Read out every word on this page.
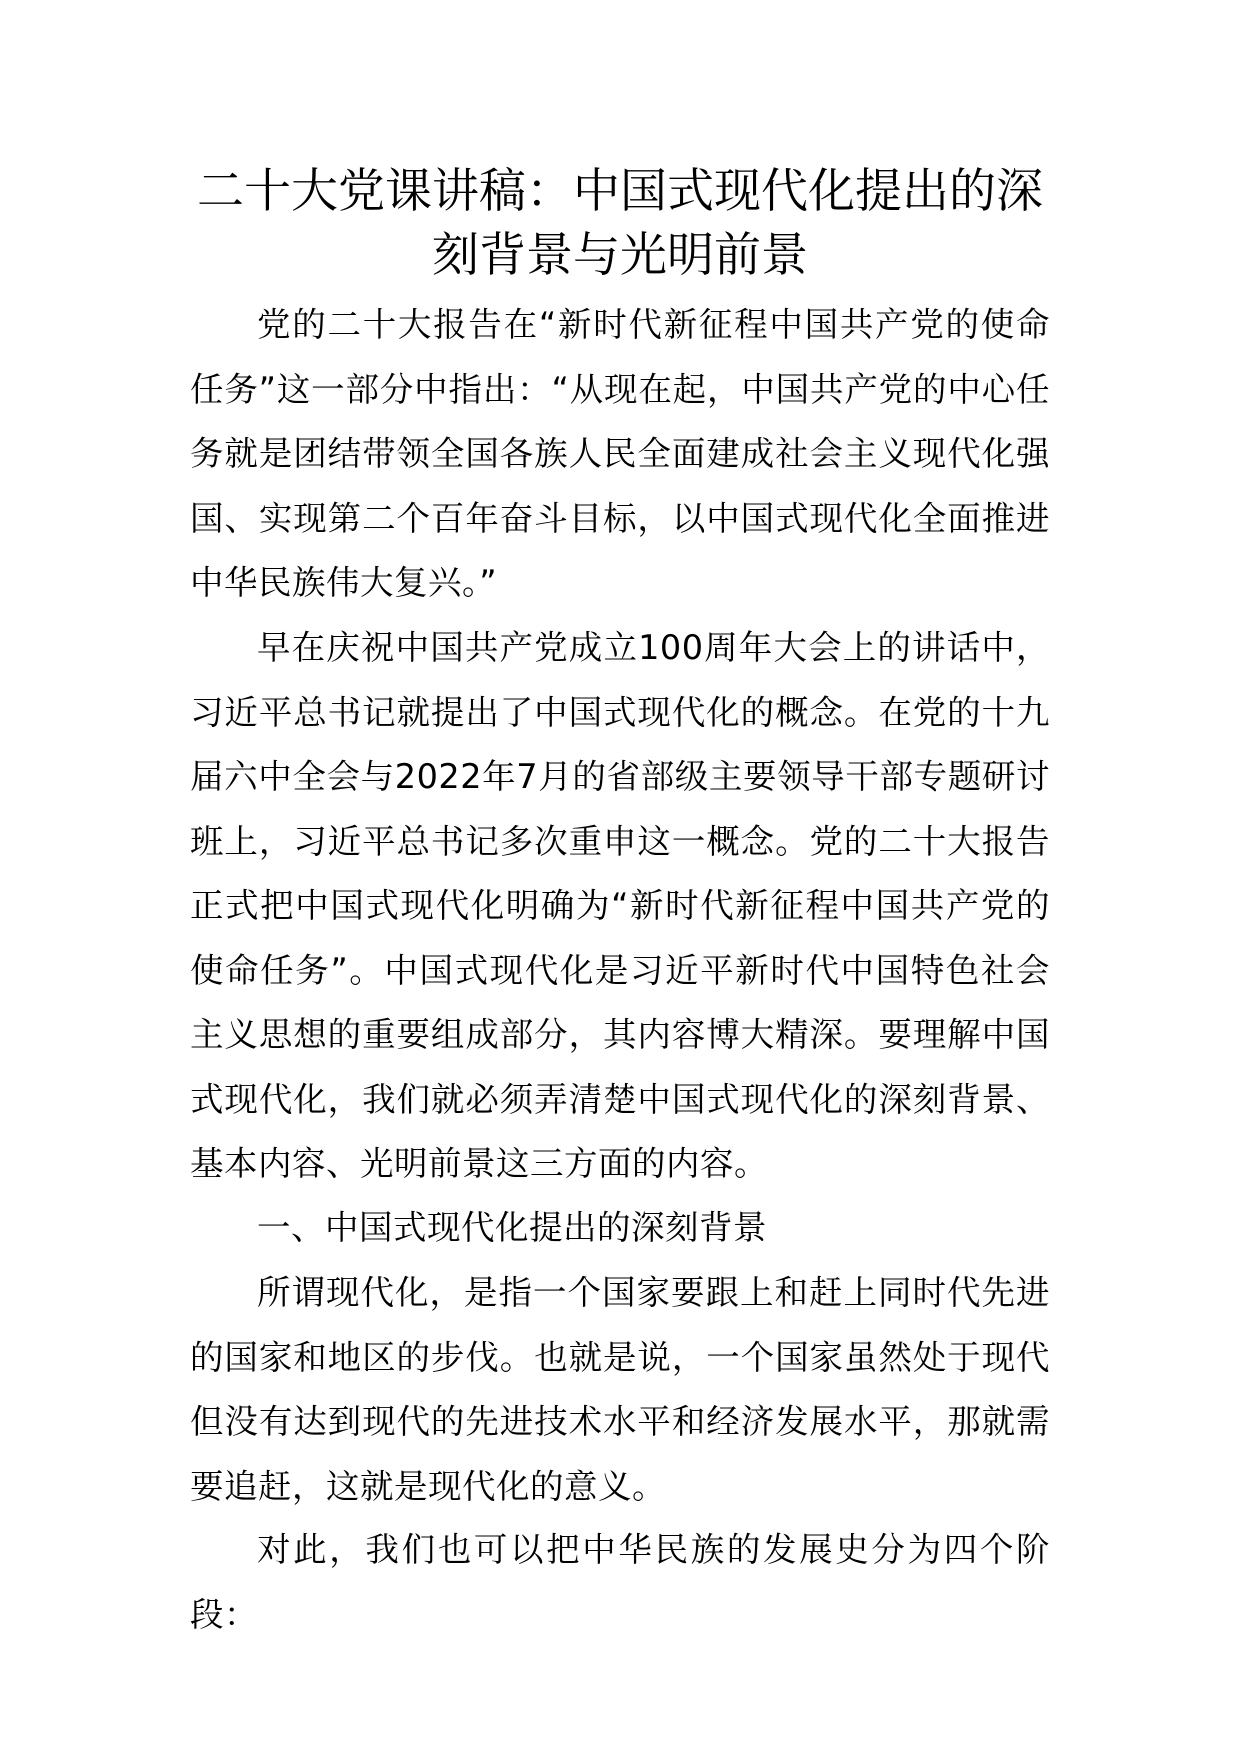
二十大党课讲稿：中国式现代化提出的深
刻背景与光明前景

党的二十大报告在“新时代新征程中国共产党的使命任务”这一部分中指出：“从现在起，中国共产党的中心任务就是团结带领全国各族人民全面建成社会主义现代化强国、实现第二个百年奋斗目标，以中国式现代化全面推进中华民族伟大复兴。”

早在庆祝中国共产党成立100周年大会上的讲话中，习近平总书记就提出了中国式现代化的概念。在党的十九届六中全会与2022年7月的省部级主要领导干部专题研讨班上，习近平总书记多次重申这一概念。党的二十大报告正式把中国式现代化明确为“新时代新征程中国共产党的使命任务”。中国式现代化是习近平新时代中国特色社会主义思想的重要组成部分，其内容博大精深。要理解中国式现代化，我们就必须弄清楚中国式现代化的深刻背景、基本内容、光明前景这三方面的内容。

一、中国式现代化提出的深刻背景

所谓现代化，是指一个国家要跟上和赶上同时代先进的国家和地区的步伐。也就是说，一个国家虽然处于现代但没有达到现代的先进技术水平和经济发展水平，那就需要追赶，这就是现代化的意义。

对此，我们也可以把中华民族的发展史分为四个阶段：
